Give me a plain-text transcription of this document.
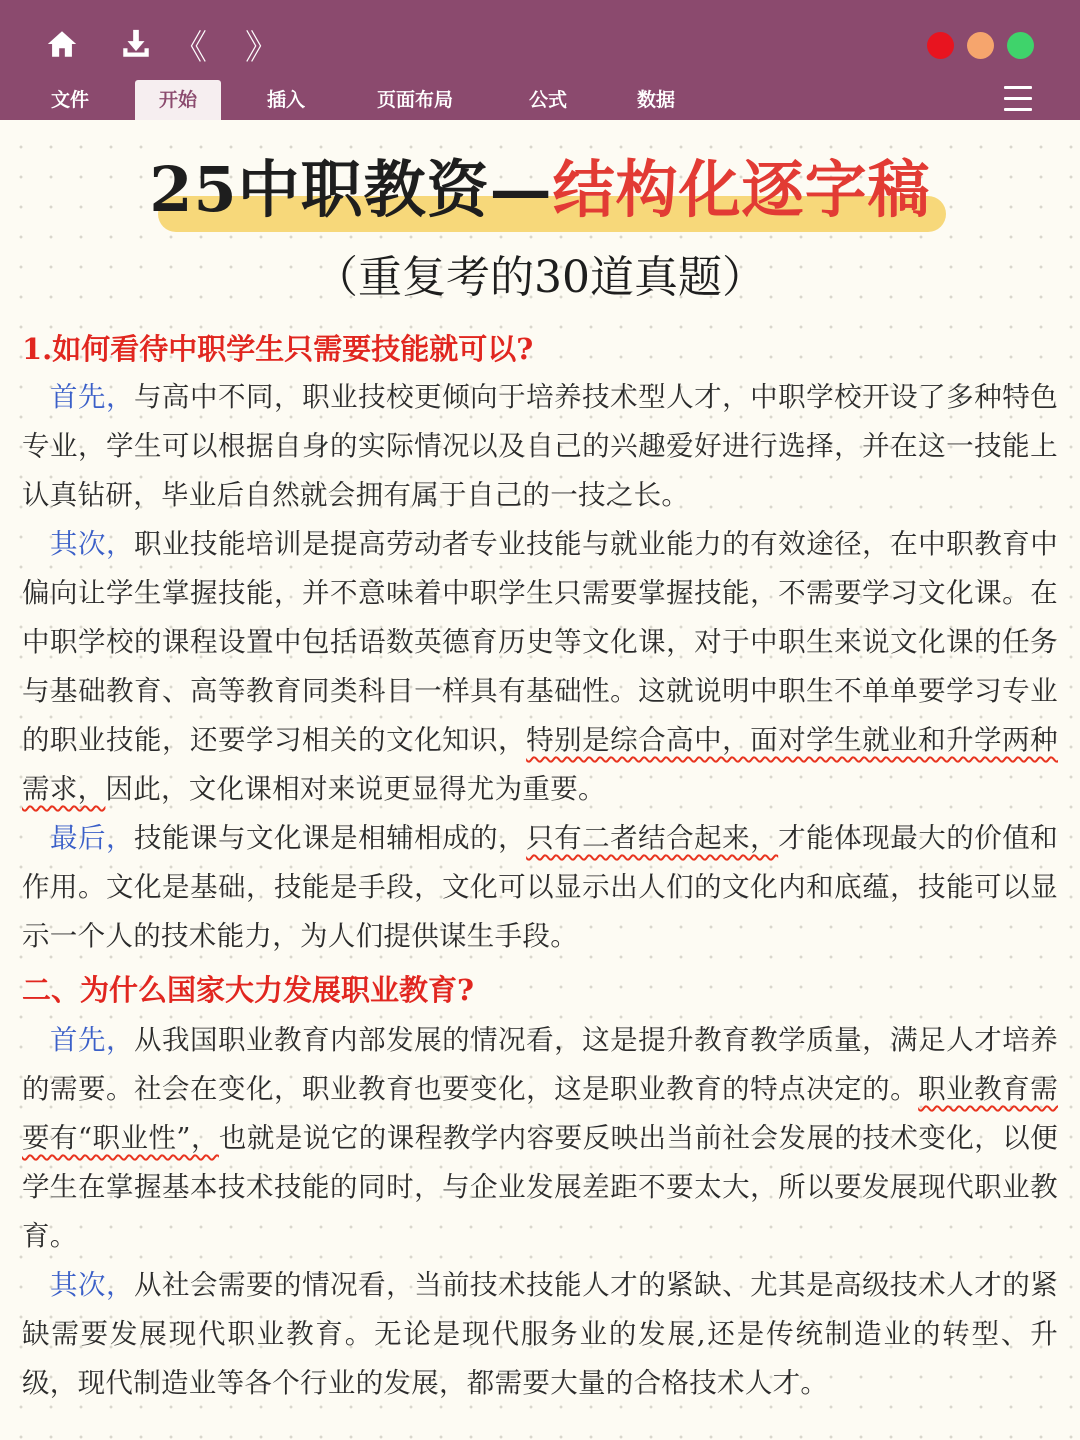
《 》
文件	开始	插入	页面布局	公式	数据
25中职教资—结构化逐字稿
（重复考的30道真题）
1.如何看待中职学生只需要技能就可以?

首先，与高中不同，职业技校更倾向于培养技术型人才，中职学校开设了多种特色专业，学生可以根据自身的实际情况以及自己的兴趣爱好进行选择，并在这一技能上认真钻研，毕业后自然就会拥有属于自己的一技之长。

其次，职业技能培训是提高劳动者专业技能与就业能力的有效途径，在中职教育中偏向让学生掌握技能，并不意味着中职学生只需要掌握技能，不需要学习文化课。在中职学校的课程设置中包括语数英德育历史等文化课，对于中职生来说文化课的任务与基础教育、高等教育同类科目一样具有基础性。这就说明中职生不单单要学习专业的职业技能，还要学习相关的文化知识，特别是综合高中，面对学生就业和升学两种需求，因此，文化课相对来说更显得尤为重要。

最后，技能课与文化课是相辅相成的，只有二者结合起来，才能体现最大的价值和作用。文化是基础，技能是手段，文化可以显示出人们的文化内和底蕴，技能可以显示一个人的技术能力，为人们提供谋生手段。

二、为什么国家大力发展职业教育?

首先，从我国职业教育内部发展的情况看，这是提升教育教学质量，满足人才培养的需要。社会在变化，职业教育也要变化，这是职业教育的特点决定的。职业教育需要有“职业性”，也就是说它的课程教学内容要反映出当前社会发展的技术变化，以便学生在掌握基本技术技能的同时，与企业发展差距不要太大，所以要发展现代职业教育。

其次，从社会需要的情况看，当前技术技能人才的紧缺、尤其是高级技术人才的紧缺需要发展现代职业教育。无论是现代服务业的发展,还是传统制造业的转型、升级，现代制造业等各个行业的发展，都需要大量的合格技术人才。
